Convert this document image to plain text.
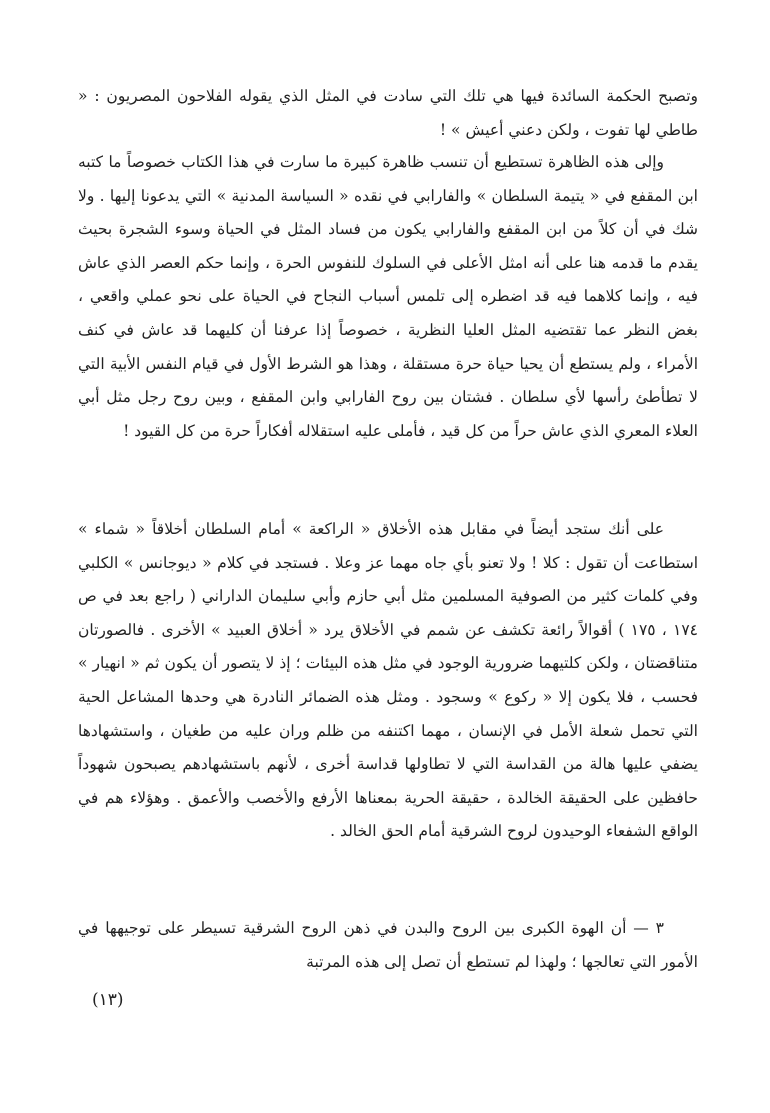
وتصبح الحكمة السائدة فيها هي تلك التي سادت في المثل الذي يقوله الفلاحون المصريون : « طاطي لها تفوت ، ولكن دعني أعيش » !

وإلى هذه الظاهرة تستطيع أن تنسب ظاهرة كبيرة ما سارت في هذا الكتاب خصوصاً ما كتبه ابن المقفع في « يتيمة السلطان » والفارابي في نقده « السياسة المدنية » التي يدعونا إليها . ولا شك في أن كلاً من ابن المقفع والفارابي يكون من فساد المثل في الحياة وسوء الشجرة بحيث يقدم ما قدمه هنا على أنه امثل الأعلى في السلوك للنفوس الحرة ، وإنما حكم العصر الذي عاش فيه ، وإنما كلاهما فيه قد اضطره إلى تلمس أسباب النجاح في الحياة على نحو عملي واقعي ، بغض النظر عما تقتضيه المثل العليا النظرية ، خصوصاً إذا عرفنا أن كليهما قد عاش في كنف الأمراء ، ولم يستطع أن يحيا حياة حرة مستقلة ، وهذا هو الشرط الأول في قيام النفس الأبية التي لا تطأطئ رأسها لأي سلطان . فشتان بين روح الفارابي وابن المقفع ، وبين روح رجل مثل أبي العلاء المعري الذي عاش حراً من كل قيد ، فأملى عليه استقلاله أفكاراً حرة من كل القيود !

على أنك ستجد أيضاً في مقابل هذه الأخلاق « الراكعة » أمام السلطان أخلاقاً « شماء » استطاعت أن تقول : كلا ! ولا تعنو بأي جاه مهما عز وعلا . فستجد في كلام « ديوجانس » الكلبي وفي كلمات كثير من الصوفية المسلمين مثل أبي حازم وأبي سليمان الداراني ( راجع بعد في ص ١٧٤ ، ١٧٥ ) أقوالاً رائعة تكشف عن شمم في الأخلاق يرد « أخلاق العبيد » الأخرى . فالصورتان متناقضتان ، ولكن كلتيهما ضرورية الوجود في مثل هذه البيئات ؛ إذ لا يتصور أن يكون ثم « انهيار » فحسب ، فلا يكون إلا « ركوع » وسجود . ومثل هذه الضمائر النادرة هي وحدها المشاعل الحية التي تحمل شعلة الأمل في الإنسان ، مهما اكتنفه من ظلم وران عليه من طغيان ، واستشهادها يضفي عليها هالة من القداسة التي لا تطاولها قداسة أخرى ، لأنهم باستشهادهم يصبحون شهوداً حافظين على الحقيقة الخالدة ، حقيقة الحرية بمعناها الأرفع والأخصب والأعمق . وهؤلاء هم في الواقع الشفعاء الوحيدون لروح الشرقية أمام الحق الخالد .

٣ — أن الهوة الكبرى بين الروح والبدن في ذهن الروح الشرقية تسيطر على توجيهها في الأمور التي تعالجها ؛ ولهذا لم تستطع أن تصل إلى هذه المرتبة

(١٣)
